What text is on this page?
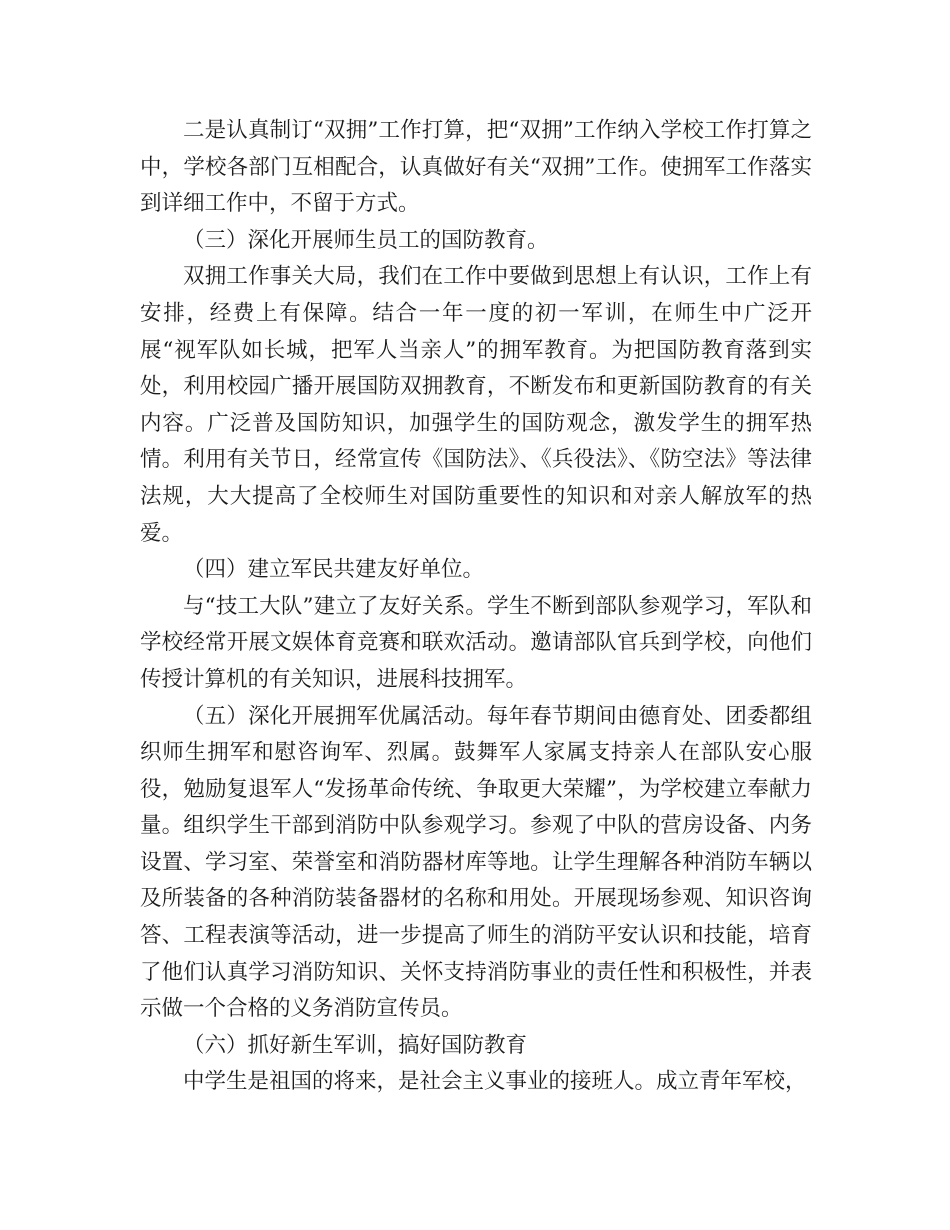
二是认真制订“双拥”工作打算，把“双拥”工作纳入学校工作打算之中，学校各部门互相配合，认真做好有关“双拥”工作。使拥军工作落实到详细工作中，不留于方式。

（三）深化开展师生员工的国防教育。

双拥工作事关大局，我们在工作中要做到思想上有认识，工作上有安排，经费上有保障。结合一年一度的初一军训，在师生中广泛开展“视军队如长城，把军人当亲人”的拥军教育。为把国防教育落到实处，利用校园广播开展国防双拥教育，不断发布和更新国防教育的有关内容。广泛普及国防知识，加强学生的国防观念，激发学生的拥军热情。利用有关节日，经常宣传《国防法》、《兵役法》、《防空法》等法律法规，大大提高了全校师生对国防重要性的知识和对亲人解放军的热爱。

（四）建立军民共建友好单位。

与“技工大队”建立了友好关系。学生不断到部队参观学习，军队和学校经常开展文娱体育竞赛和联欢活动。邀请部队官兵到学校，向他们传授计算机的有关知识，进展科技拥军。

（五）深化开展拥军优属活动。每年春节期间由德育处、团委都组织师生拥军和慰咨询军、烈属。鼓舞军人家属支持亲人在部队安心服役，勉励复退军人“发扬革命传统、争取更大荣耀”，为学校建立奉献力量。组织学生干部到消防中队参观学习。参观了中队的营房设备、内务设置、学习室、荣誉室和消防器材库等地。让学生理解各种消防车辆以及所装备的各种消防装备器材的名称和用处。开展现场参观、知识咨询答、工程表演等活动，进一步提高了师生的消防平安认识和技能，培育了他们认真学习消防知识、关怀支持消防事业的责任性和积极性，并表示做一个合格的义务消防宣传员。

（六）抓好新生军训，搞好国防教育

中学生是祖国的将来，是社会主义事业的接班人。成立青年军校，
